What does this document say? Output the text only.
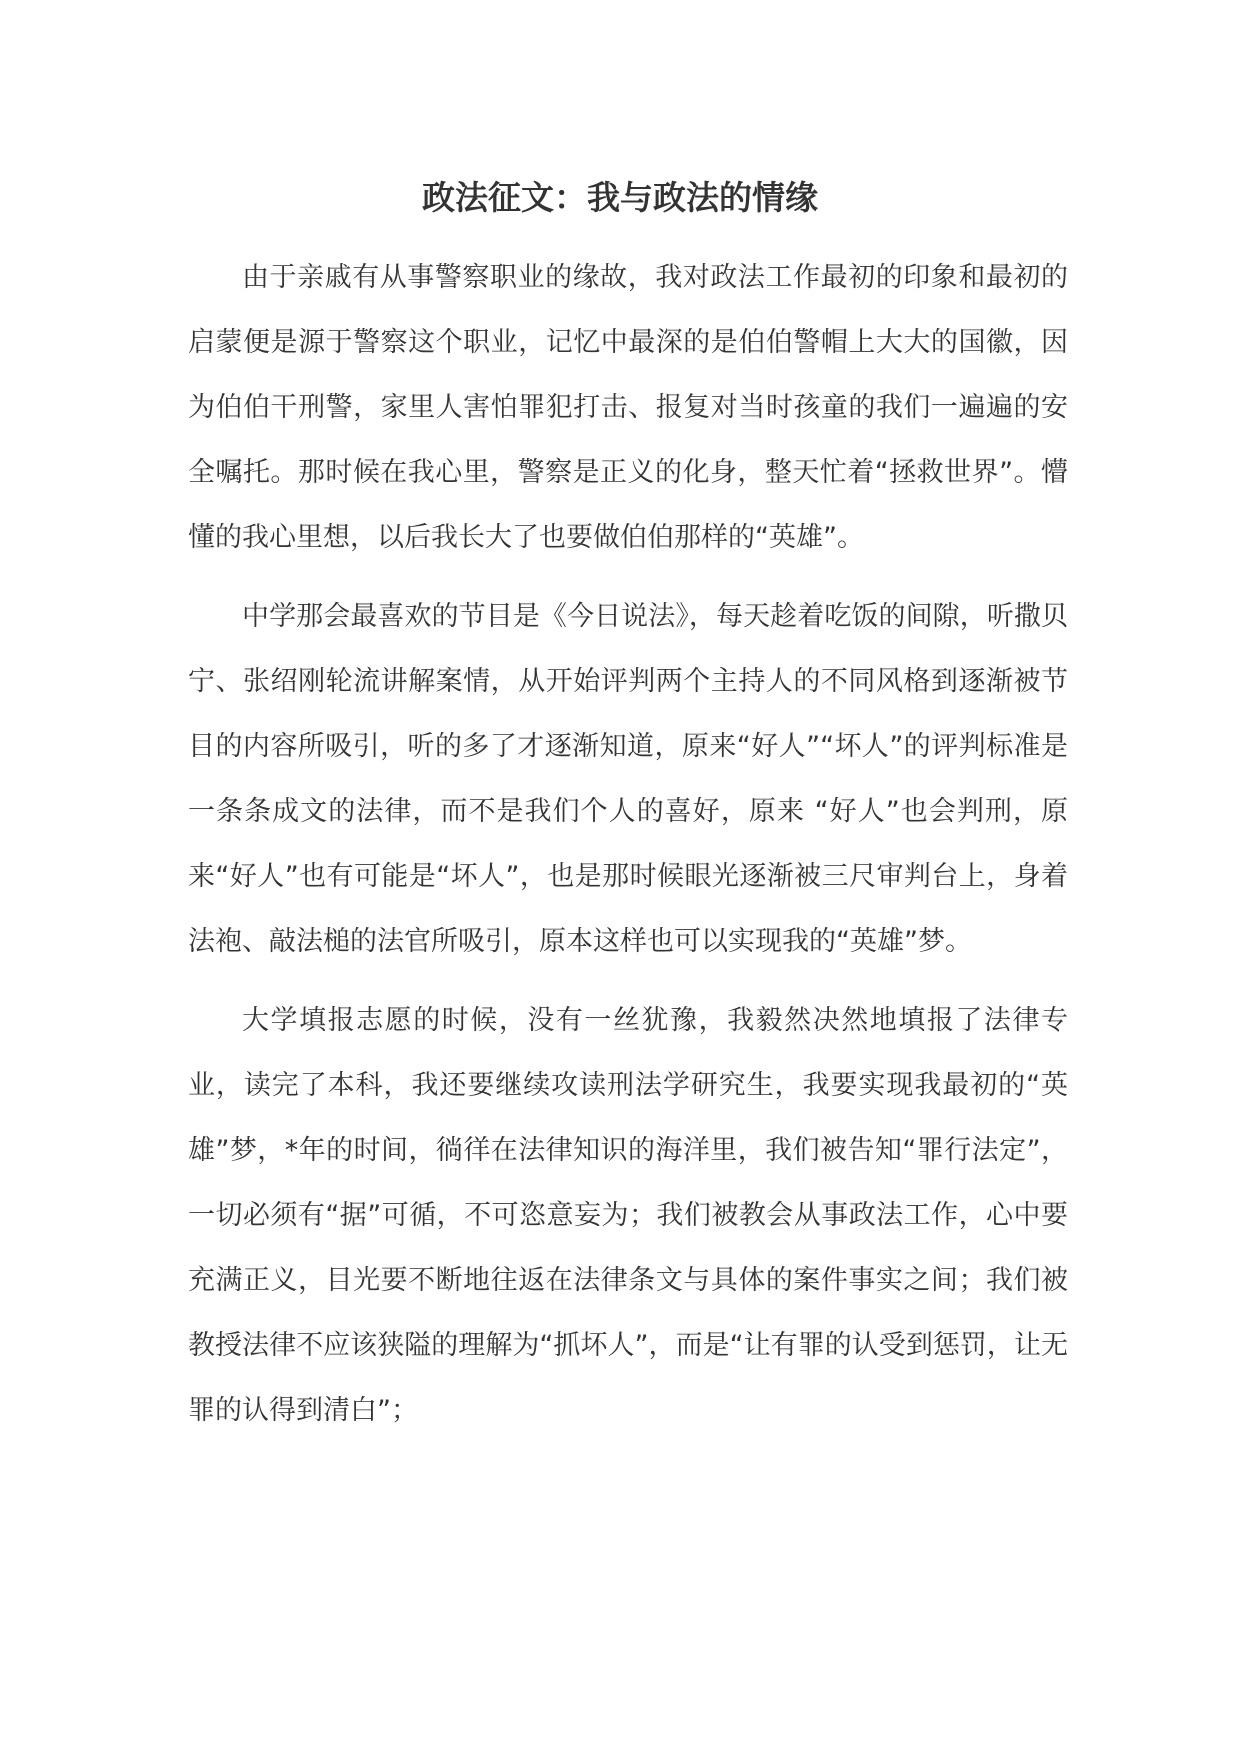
政法征文：我与政法的情缘

由于亲戚有从事警察职业的缘故，我对政法工作最初的印象和最初的启蒙便是源于警察这个职业，记忆中最深的是伯伯警帽上大大的国徽，因为伯伯干刑警，家里人害怕罪犯打击、报复对当时孩童的我们一遍遍的安全嘱托。那时候在我心里，警察是正义的化身，整天忙着“拯救世界”。懵懂的我心里想，以后我长大了也要做伯伯那样的“英雄”。

中学那会最喜欢的节目是《今日说法》，每天趁着吃饭的间隙，听撒贝宁、张绍刚轮流讲解案情，从开始评判两个主持人的不同风格到逐渐被节目的内容所吸引，听的多了才逐渐知道，原来“好人”“坏人”的评判标准是一条条成文的法律，而不是我们个人的喜好，原来 “好人”也会判刑，原来“好人”也有可能是“坏人”，也是那时候眼光逐渐被三尺审判台上，身着法袍、敲法槌的法官所吸引，原本这样也可以实现我的“英雄”梦。

大学填报志愿的时候，没有一丝犹豫，我毅然决然地填报了法律专业，读完了本科，我还要继续攻读刑法学研究生，我要实现我最初的“英雄”梦，*年的时间，徜徉在法律知识的海洋里，我们被告知“罪行法定”，一切必须有“据”可循，不可恣意妄为；我们被教会从事政法工作，心中要充满正义，目光要不断地往返在法律条文与具体的案件事实之间；我们被教授法律不应该狭隘的理解为“抓坏人”，而是“让有罪的认受到惩罚，让无罪的认得到清白”；
